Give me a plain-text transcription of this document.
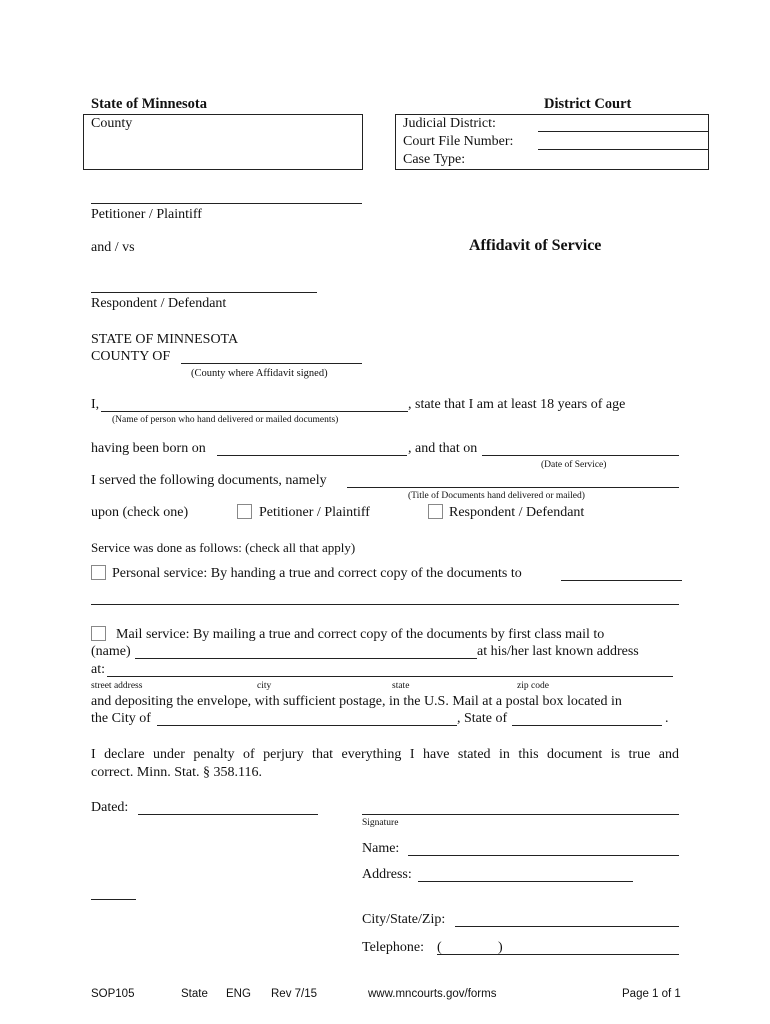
State of Minnesota	District Court
County	Judicial District:
Court File Number:
Case Type:
Petitioner / Plaintiff
and / vs	Affidavit of Service
Respondent / Defendant
STATE OF MINNESOTA
COUNTY OF
(County where Affidavit signed)
I,	, state that I am at least 18 years of age
(Name of person who hand delivered or mailed documents)
having been born on	, and that on
(Date of Service)
I served the following documents, namely
(Title of Documents hand delivered or mailed)
upon (check one)	Petitioner / Plaintiff	Respondent / Defendant
Service was done as follows: (check all that apply)
Personal service: By handing a true and correct copy of the documents to
Mail service: By mailing a true and correct copy of the documents by first class mail to
(name)	at his/her last known address
at:
street address	city	state	zip code
and depositing the envelope, with sufficient postage, in the U.S. Mail at a postal box located in
the City of	, State of	.
I declare under penalty of perjury that everything I have stated in this document is true and
correct. Minn. Stat. § 358.116.
Dated:
Signature
Name:
Address:
City/State/Zip:
Telephone: (	)
SOP105	State ENG Rev 7/15	www.mncourts.gov/forms	Page 1 of 1
